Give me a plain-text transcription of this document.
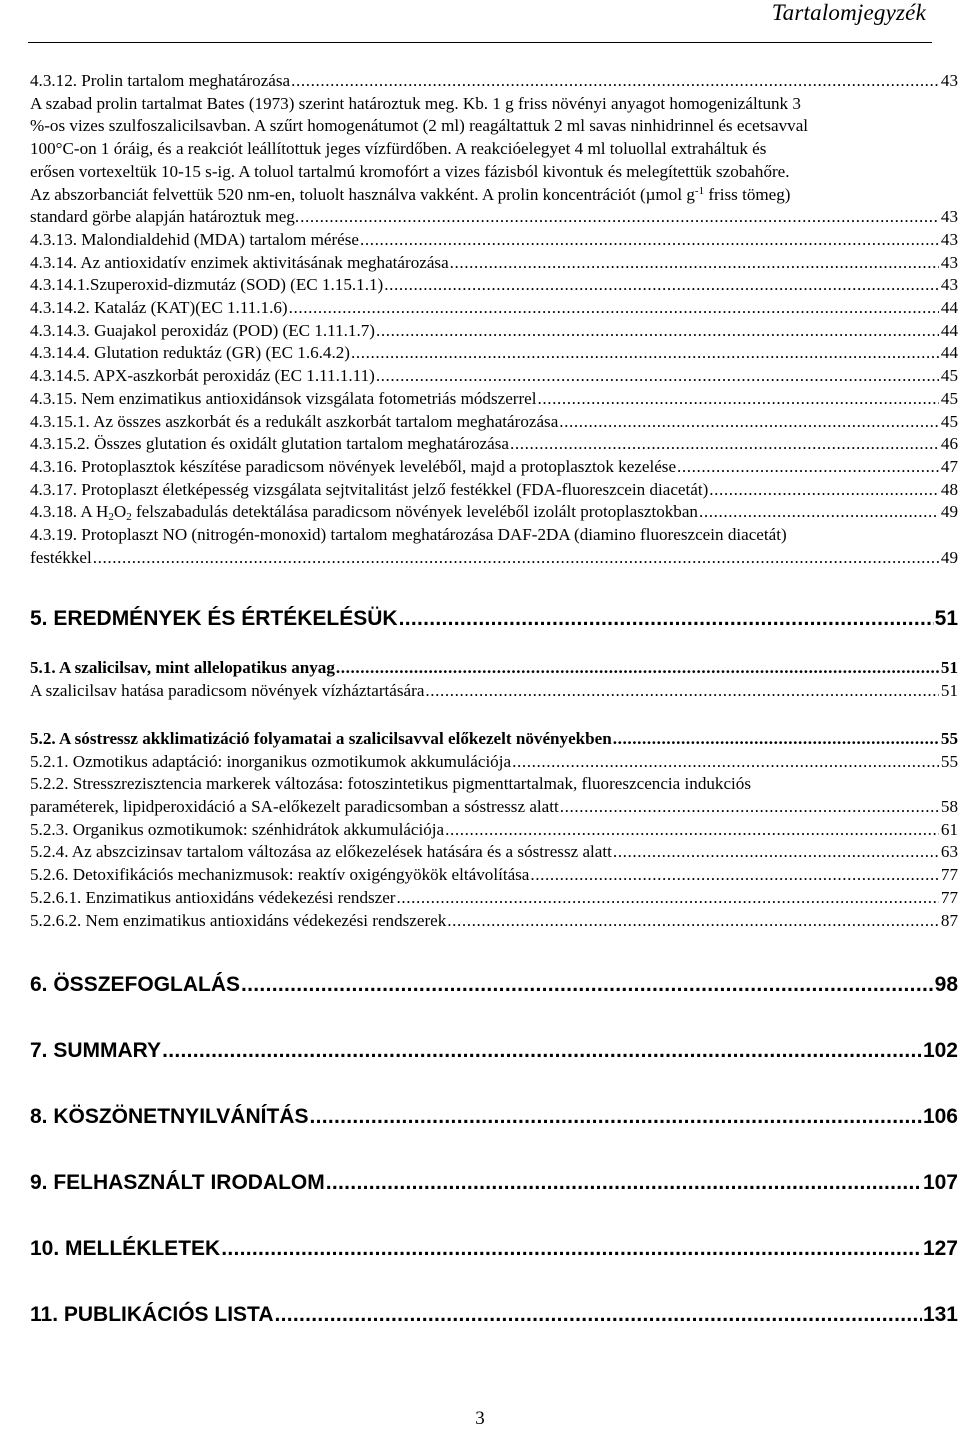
Tartalomjegyzék
4.3.12. Prolin tartalom meghatározása .....	43
A szabad prolin tartalmat Bates (1973) szerint határoztuk meg. Kb. 1 g friss növényi anyagot homogenizáltunk 3
%-os vizes szulfoszalicilsavban. A szűrt homogenátumot (2 ml) reagáltattuk 2 ml savas ninhidrinnel és ecetsavval
100°C-on 1 óráig, és a reakciót leállítottuk jeges vízfürdőben. A reakcióelegyet 4 ml toluollal extraháltuk és
erősen vortexeltük 10-15 s-ig. A toluol tartalmú kromofórt a vizes fázisból kivontuk és melegítettük szobahőre.
Az abszorbanciát felvettük 520 nm-en, toluolt használva vakként. A prolin koncentrációt (µmol $g^{-1}$ friss tömeg)
standard görbe alapján határoztuk meg. .....	43
4.3.13. Malondialdehid (MDA) tartalom mérése .....	43
4.3.14. Az antioxidatív enzimek aktivitásának meghatározása .....	43
4.3.14.1.Szuperoxid-dizmutáz (SOD) (EC 1.15.1.1) .....	43
4.3.14.2. Kataláz (KAT)(EC 1.11.1.6) .....	44
4.3.14.3. Guajakol peroxidáz (POD) (EC 1.11.1.7) .....	44
4.3.14.4. Glutation reduktáz (GR) (EC 1.6.4.2) .....	44
4.3.14.5. APX-aszkorbát peroxidáz (EC 1.11.1.11) .....	45
4.3.15. Nem enzimatikus antioxidánsok vizsgálata fotometriás módszerrel .....	45
4.3.15.1. Az összes aszkorbát és a redukált aszkorbát tartalom meghatározása .....	45
4.3.15.2. Összes glutation és oxidált glutation tartalom meghatározása .....	46
4.3.16. Protoplasztok készítése paradicsom növények leveléből, majd a protoplasztok kezelése .....	47
4.3.17. Protoplaszt életképesség vizsgálata sejtvitalitást jelző festékkel (FDA-fluoreszcein diacetát) .....	48
4.3.18. A $H_2O_2$ felszabadulás detektálása paradicsom növények leveléből izolált protoplasztokban .....	49
4.3.19. Protoplaszt NO (nitrogén-monoxid) tartalom meghatározása DAF-2DA (diamino fluoreszcein diacetát)
festékkel .....	49
5. EREDMÉNYEK ÉS ÉRTÉKELÉSÜK .....	51
5.1. A szalicilsav, mint allelopatikus anyag .....	51
A szalicilsav hatása paradicsom növények vízháztartására .....	51
5.2. A sóstressz akklimatizáció folyamatai a szalicilsavval előkezelt növényekben .....	55
5.2.1. Ozmotikus adaptáció: inorganikus ozmotikumok akkumulációja .....	55
5.2.2. Stresszrezisztencia markerek változása: fotoszintetikus pigmenttartalmak, fluoreszcencia indukciós
paraméterek, lipidperoxidáció a SA-előkezelt paradicsomban a sóstressz alatt .....	58
5.2.3. Organikus ozmotikumok: szénhidrátok akkumulációja .....	61
5.2.4. Az abszcizinsav tartalom változása az előkezelések hatására és a sóstressz alatt .....	63
5.2.6. Detoxifikációs mechanizmusok: reaktív oxigéngyökök eltávolítása .....	77
5.2.6.1. Enzimatikus antioxidáns védekezési rendszer .....	77
5.2.6.2. Nem enzimatikus antioxidáns védekezési rendszerek .....	87
6. ÖSSZEFOGLALÁS .....	98
7. SUMMARY .....	102
8. KÖSZÖNETNYILVÁNÍTÁS .....	106
9. FELHASZNÁLT IRODALOM .....	107
10. MELLÉKLETEK .....	127
11. PUBLIKÁCIÓS LISTA .....	131
3
